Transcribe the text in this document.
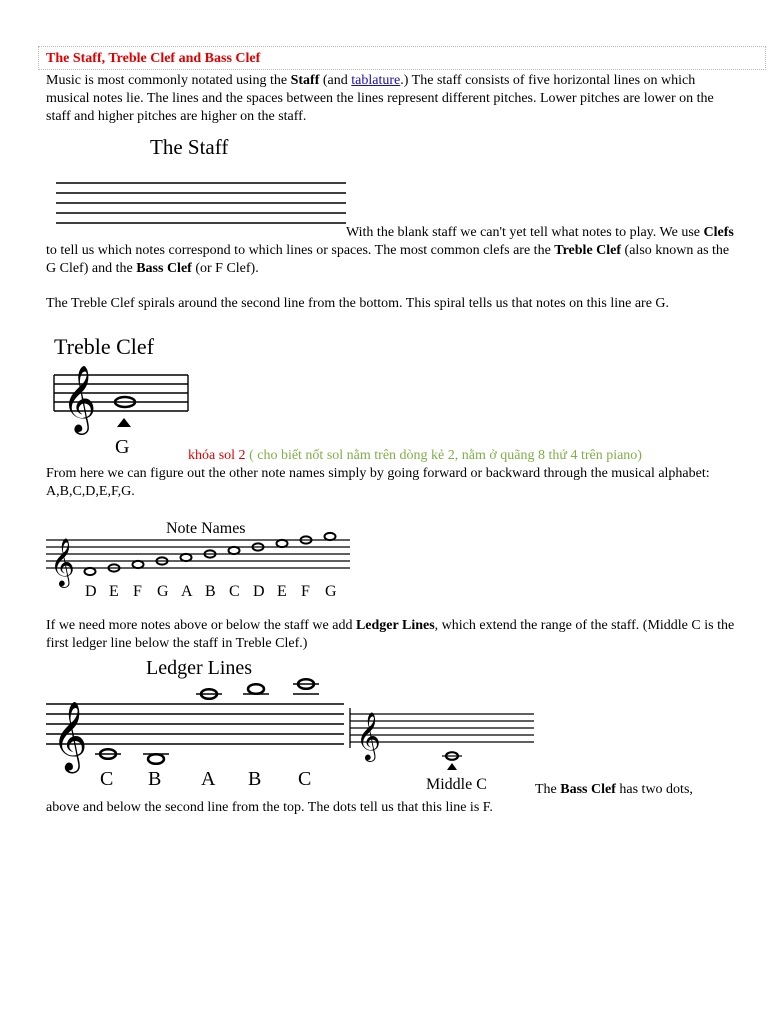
The Staff, Treble Clef and Bass Clef

Music is most commonly notated using the Staff (and tablature.) The staff consists of five horizontal lines on which musical notes lie. The lines and the spaces between the lines represent different pitches. Lower pitches are lower on the staff and higher pitches are higher on the staff.

The Staff

With the blank staff we can't yet tell what notes to play. We use Clefs to tell us which notes correspond to which lines or spaces. The most common clefs are the Treble Clef (also known as the G Clef) and the Bass Clef (or F Clef).

The Treble Clef spirals around the second line from the bottom. This spiral tells us that notes on this line are G.

Treble Clef
𝄞
G	khóa sol 2 ( cho biết nốt sol nằm trên dòng kẻ 2, nằm ở quãng 8 thứ 4 trên piano)

From here we can figure out the other note names simply by going forward or backward through the musical alphabet: A,B,C,D,E,F,G.

Note Names
𝄞
D E F G A B C D E F G

If we need more notes above or below the staff we add Ledger Lines, which extend the range of the staff. (Middle C is the first ledger line below the staff in Treble Clef.)

Ledger Lines
𝄞
C B A B C
𝄞
Middle C	The Bass Clef has two dots,

above and below the second line from the top. The dots tell us that this line is F.
